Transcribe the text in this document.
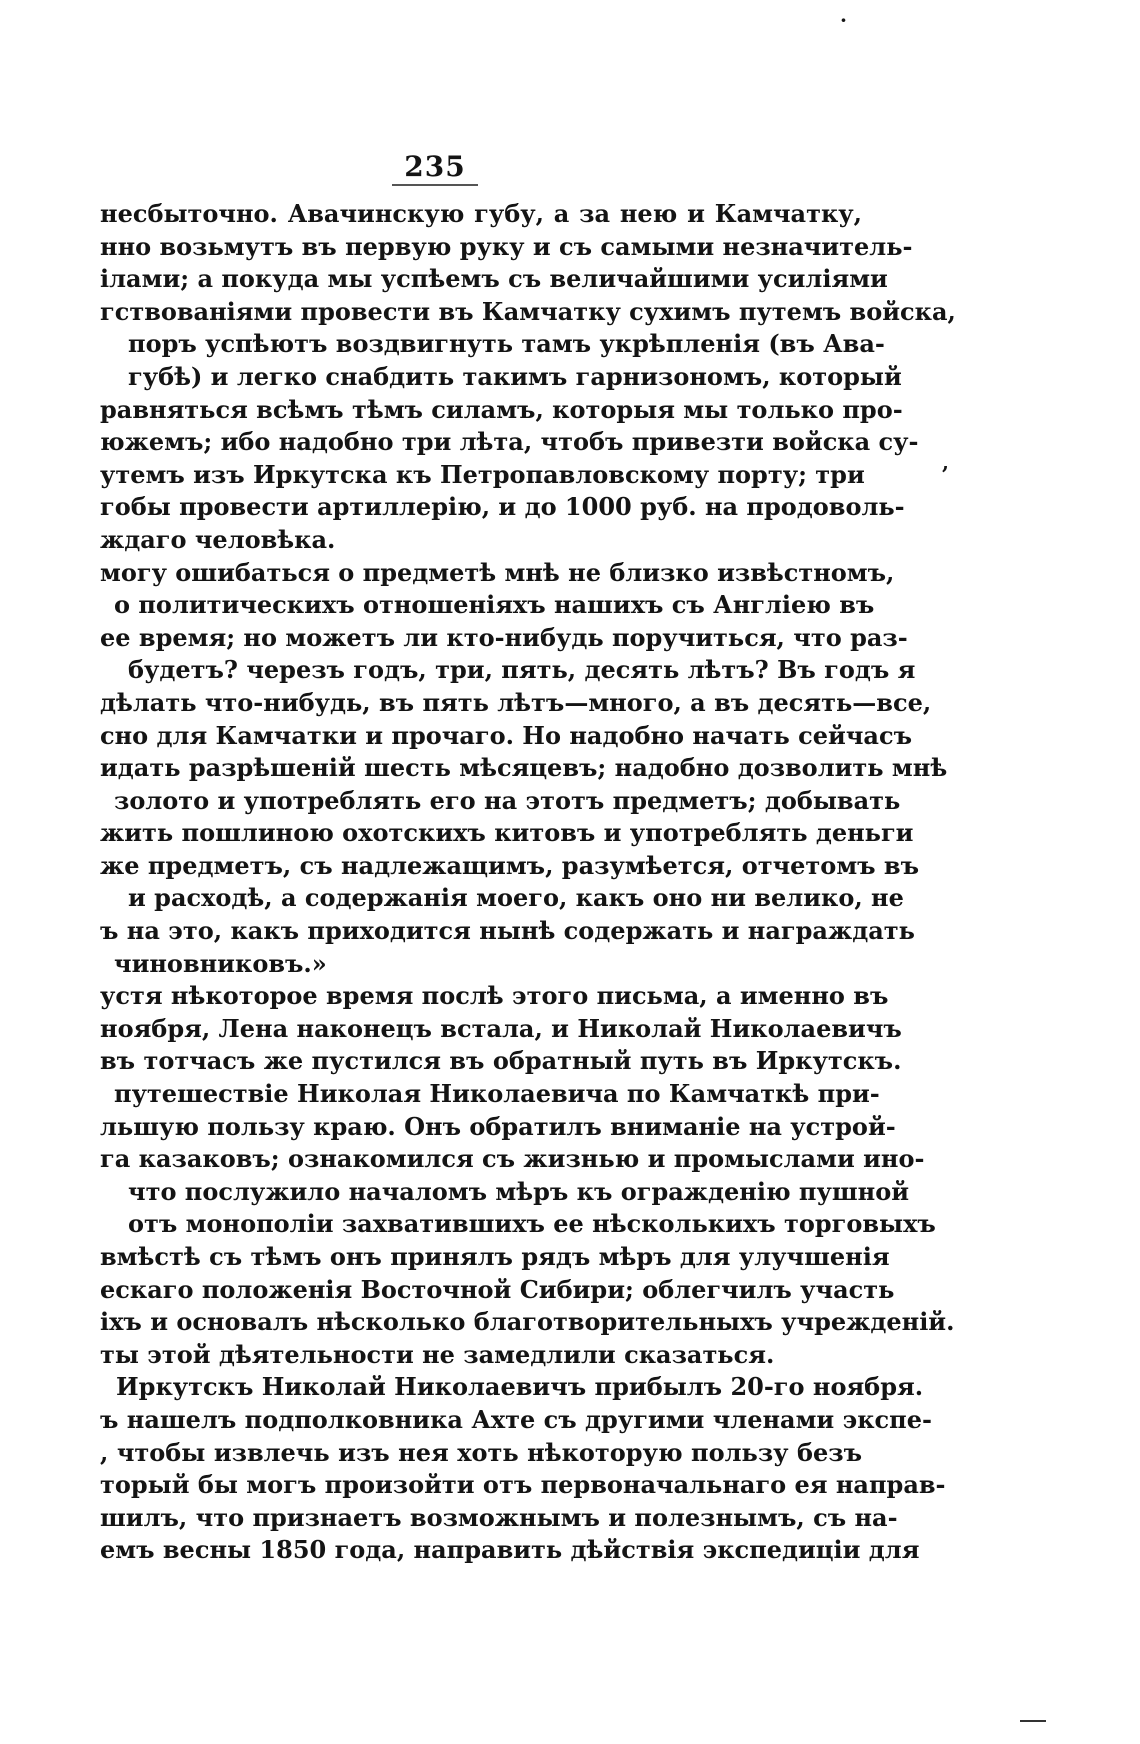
·
,
235
несбыточно. Авачинскую губу, а за нею и Камчатку,
нно возьмутъ въ первую руку и съ самыми незначитель-
ілами; а покуда мы успѣемъ съ величайшими усиліями
гствованіями провести въ Камчатку сухимъ путемъ войска,
поръ успѣютъ воздвигнуть тамъ укрѣпленія (въ Ава-
губѣ) и легко снабдить такимъ гарнизономъ, который
равняться всѣмъ тѣмъ силамъ, которыя мы только про-
южемъ; ибо надобно три лѣта, чтобъ привезти войска су-
утемъ изъ Иркутска къ Петропавловскому порту; три
гобы провести артиллерію, и до 1000 руб. на продоволь-
ждаго человѣка.
могу ошибаться о предметѣ мнѣ не близко извѣстномъ,
о политическихъ отношеніяхъ нашихъ съ Англіею въ
ее время; но можетъ ли кто-нибудь поручиться, что раз-
будетъ? черезъ годъ, три, пять, десять лѣтъ? Въ годъ я
дѣлать что-нибудь, въ пять лѣтъ—много, а въ десять—все,
сно для Камчатки и прочаго. Но надобно начать сейчасъ
идать разрѣшеній шесть мѣсяцевъ; надобно дозволить мнѣ
золото и употреблять его на этотъ предметъ; добывать
жить пошлиною охотскихъ китовъ и употреблять деньги
же предметъ, съ надлежащимъ, разумѣется, отчетомъ въ
и расходѣ, а содержанія моего, какъ оно ни велико, не
ъ на это, какъ приходится нынѣ содержать и награждать
чиновниковъ.»
устя нѣкоторое время послѣ этого письма, а именно въ
ноября, Лена наконецъ встала, и Николай Николаевичъ
въ тотчасъ же пустился въ обратный путь въ Иркутскъ.
путешествіе Николая Николаевича по Камчаткѣ при-
льшую пользу краю. Онъ обратилъ вниманіе на устрой-
га казаковъ; ознакомился съ жизнью и промыслами ино-
что послужило началомъ мѣръ къ огражденію пушной
отъ монополіи захватившихъ ее нѣсколькихъ торговыхъ
вмѣстѣ съ тѣмъ онъ принялъ рядъ мѣръ для улучшенія
ескаго положенія Восточной Сибири; облегчилъ участь
іхъ и основалъ нѣсколько благотворительныхъ учрежденій.
ты этой дѣятельности не замедлили сказаться.
Иркутскъ Николай Николаевичъ прибылъ 20-го ноября.
ъ нашелъ подполковника Ахте съ другими членами экспе-
, чтобы извлечь изъ нея хоть нѣкоторую пользу безъ
торый бы могъ произойти отъ первоначальнаго ея направ-
шилъ, что признаетъ возможнымъ и полезнымъ, съ на-
емъ весны 1850 года, направить дѣйствія экспедиціи для
